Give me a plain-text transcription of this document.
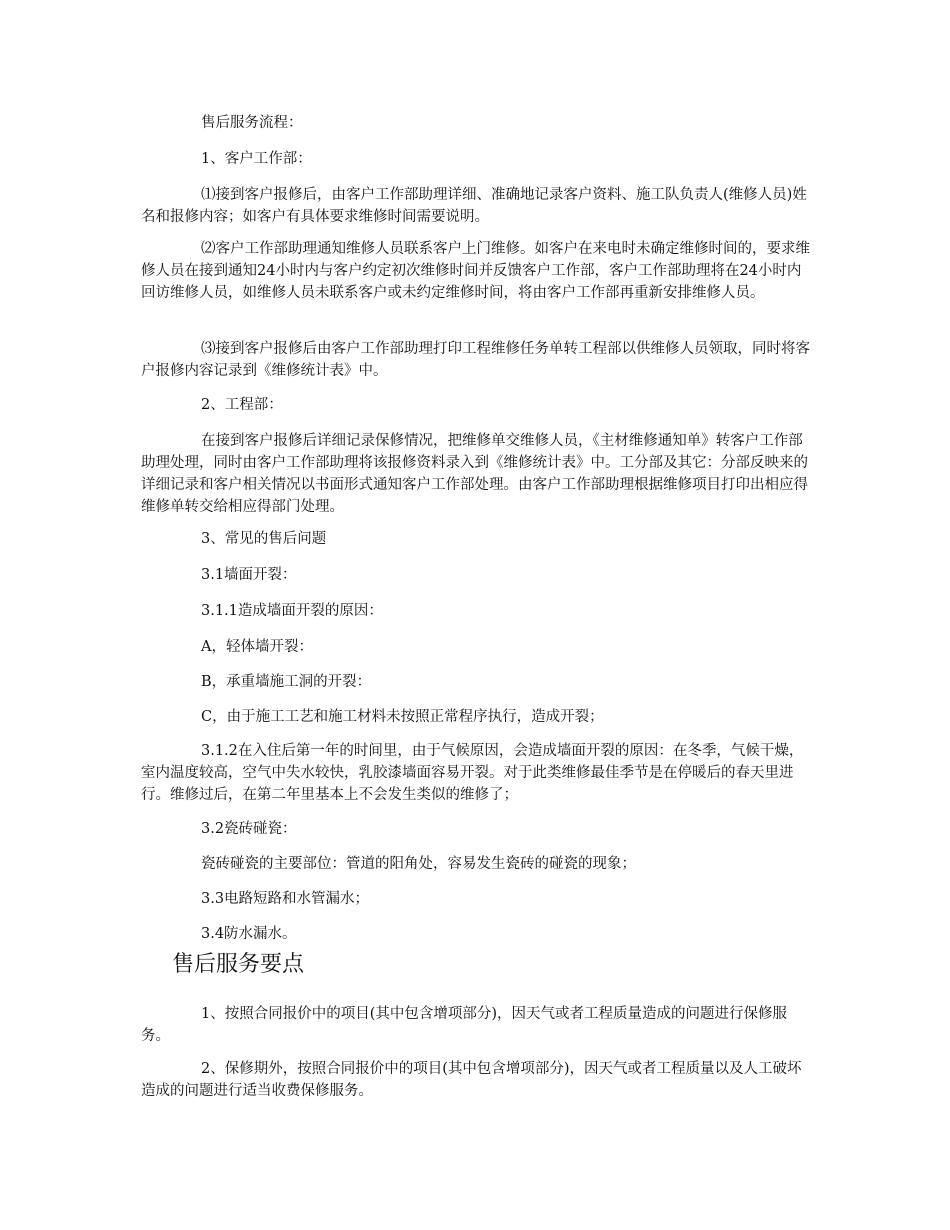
售后服务流程：

1、客户工作部：

⑴接到客户报修后，由客户工作部助理详细、准确地记录客户资料、施工队负责人(维修人员)姓名和报修内容；如客户有具体要求维修时间需要说明。

⑵客户工作部助理通知维修人员联系客户上门维修。如客户在来电时未确定维修时间的，要求维修人员在接到通知24小时内与客户约定初次维修时间并反馈客户工作部，客户工作部助理将在24小时内回访维修人员，如维修人员未联系客户或未约定维修时间，将由客户工作部再重新安排维修人员。

⑶接到客户报修后由客户工作部助理打印工程维修任务单转工程部以供维修人员领取，同时将客户报修内容记录到《维修统计表》中。

2、工程部：

在接到客户报修后详细记录保修情况，把维修单交维修人员，《主材维修通知单》转客户工作部助理处理，同时由客户工作部助理将该报修资料录入到《维修统计表》中。工分部及其它：分部反映来的详细记录和客户相关情况以书面形式通知客户工作部处理。由客户工作部助理根据维修项目打印出相应得维修单转交给相应得部门处理。

3、常见的售后问题

3.1墙面开裂：

3.1.1造成墙面开裂的原因：

A，轻体墙开裂：

B，承重墙施工洞的开裂：

C，由于施工工艺和施工材料未按照正常程序执行，造成开裂；

3.1.2在入住后第一年的时间里，由于气候原因，会造成墙面开裂的原因：在冬季，气候干燥，室内温度较高，空气中失水较快，乳胶漆墙面容易开裂。对于此类维修最佳季节是在停暖后的春天里进行。维修过后，在第二年里基本上不会发生类似的维修了；

3.2瓷砖碰瓷：

瓷砖碰瓷的主要部位：管道的阳角处，容易发生瓷砖的碰瓷的现象；

3.3电路短路和水管漏水；

3.4防水漏水。

售后服务要点

1、按照合同报价中的项目(其中包含增项部分)，因天气或者工程质量造成的问题进行保修服务。

2、保修期外，按照合同报价中的项目(其中包含增项部分)，因天气或者工程质量以及人工破坏造成的问题进行适当收费保修服务。
